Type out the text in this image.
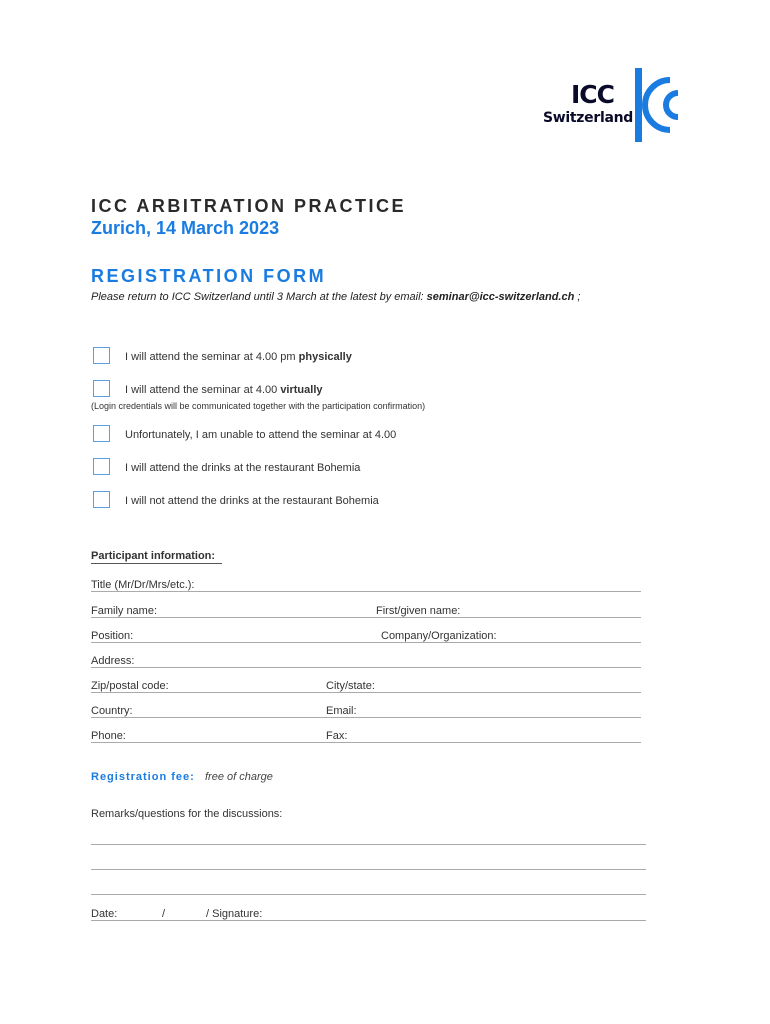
ICC
Switzerland
ICC ARBITRATION PRACTICE
Zurich, 14 March 2023
REGISTRATION FORM
Please return to ICC Switzerland until 3 March at the latest by email: seminar@icc-switzerland.ch ;
I will attend the seminar at 4.00 pm physically
I will attend the seminar at 4.00 virtually
(Login credentials will be communicated together with the participation confirmation)
Unfortunately, I am unable to attend the seminar at 4.00
I will attend the drinks at the restaurant Bohemia
I will not attend the drinks at the restaurant Bohemia
Participant information:
Title (Mr/Dr/Mrs/etc.):
Family name:	First/given name:
Position:	Company/Organization:
Address:
Zip/postal code:	City/state:
Country:	Email:
Phone:	Fax:
Registration fee: free of charge
Remarks/questions for the discussions:
Date:	/	/ Signature:
